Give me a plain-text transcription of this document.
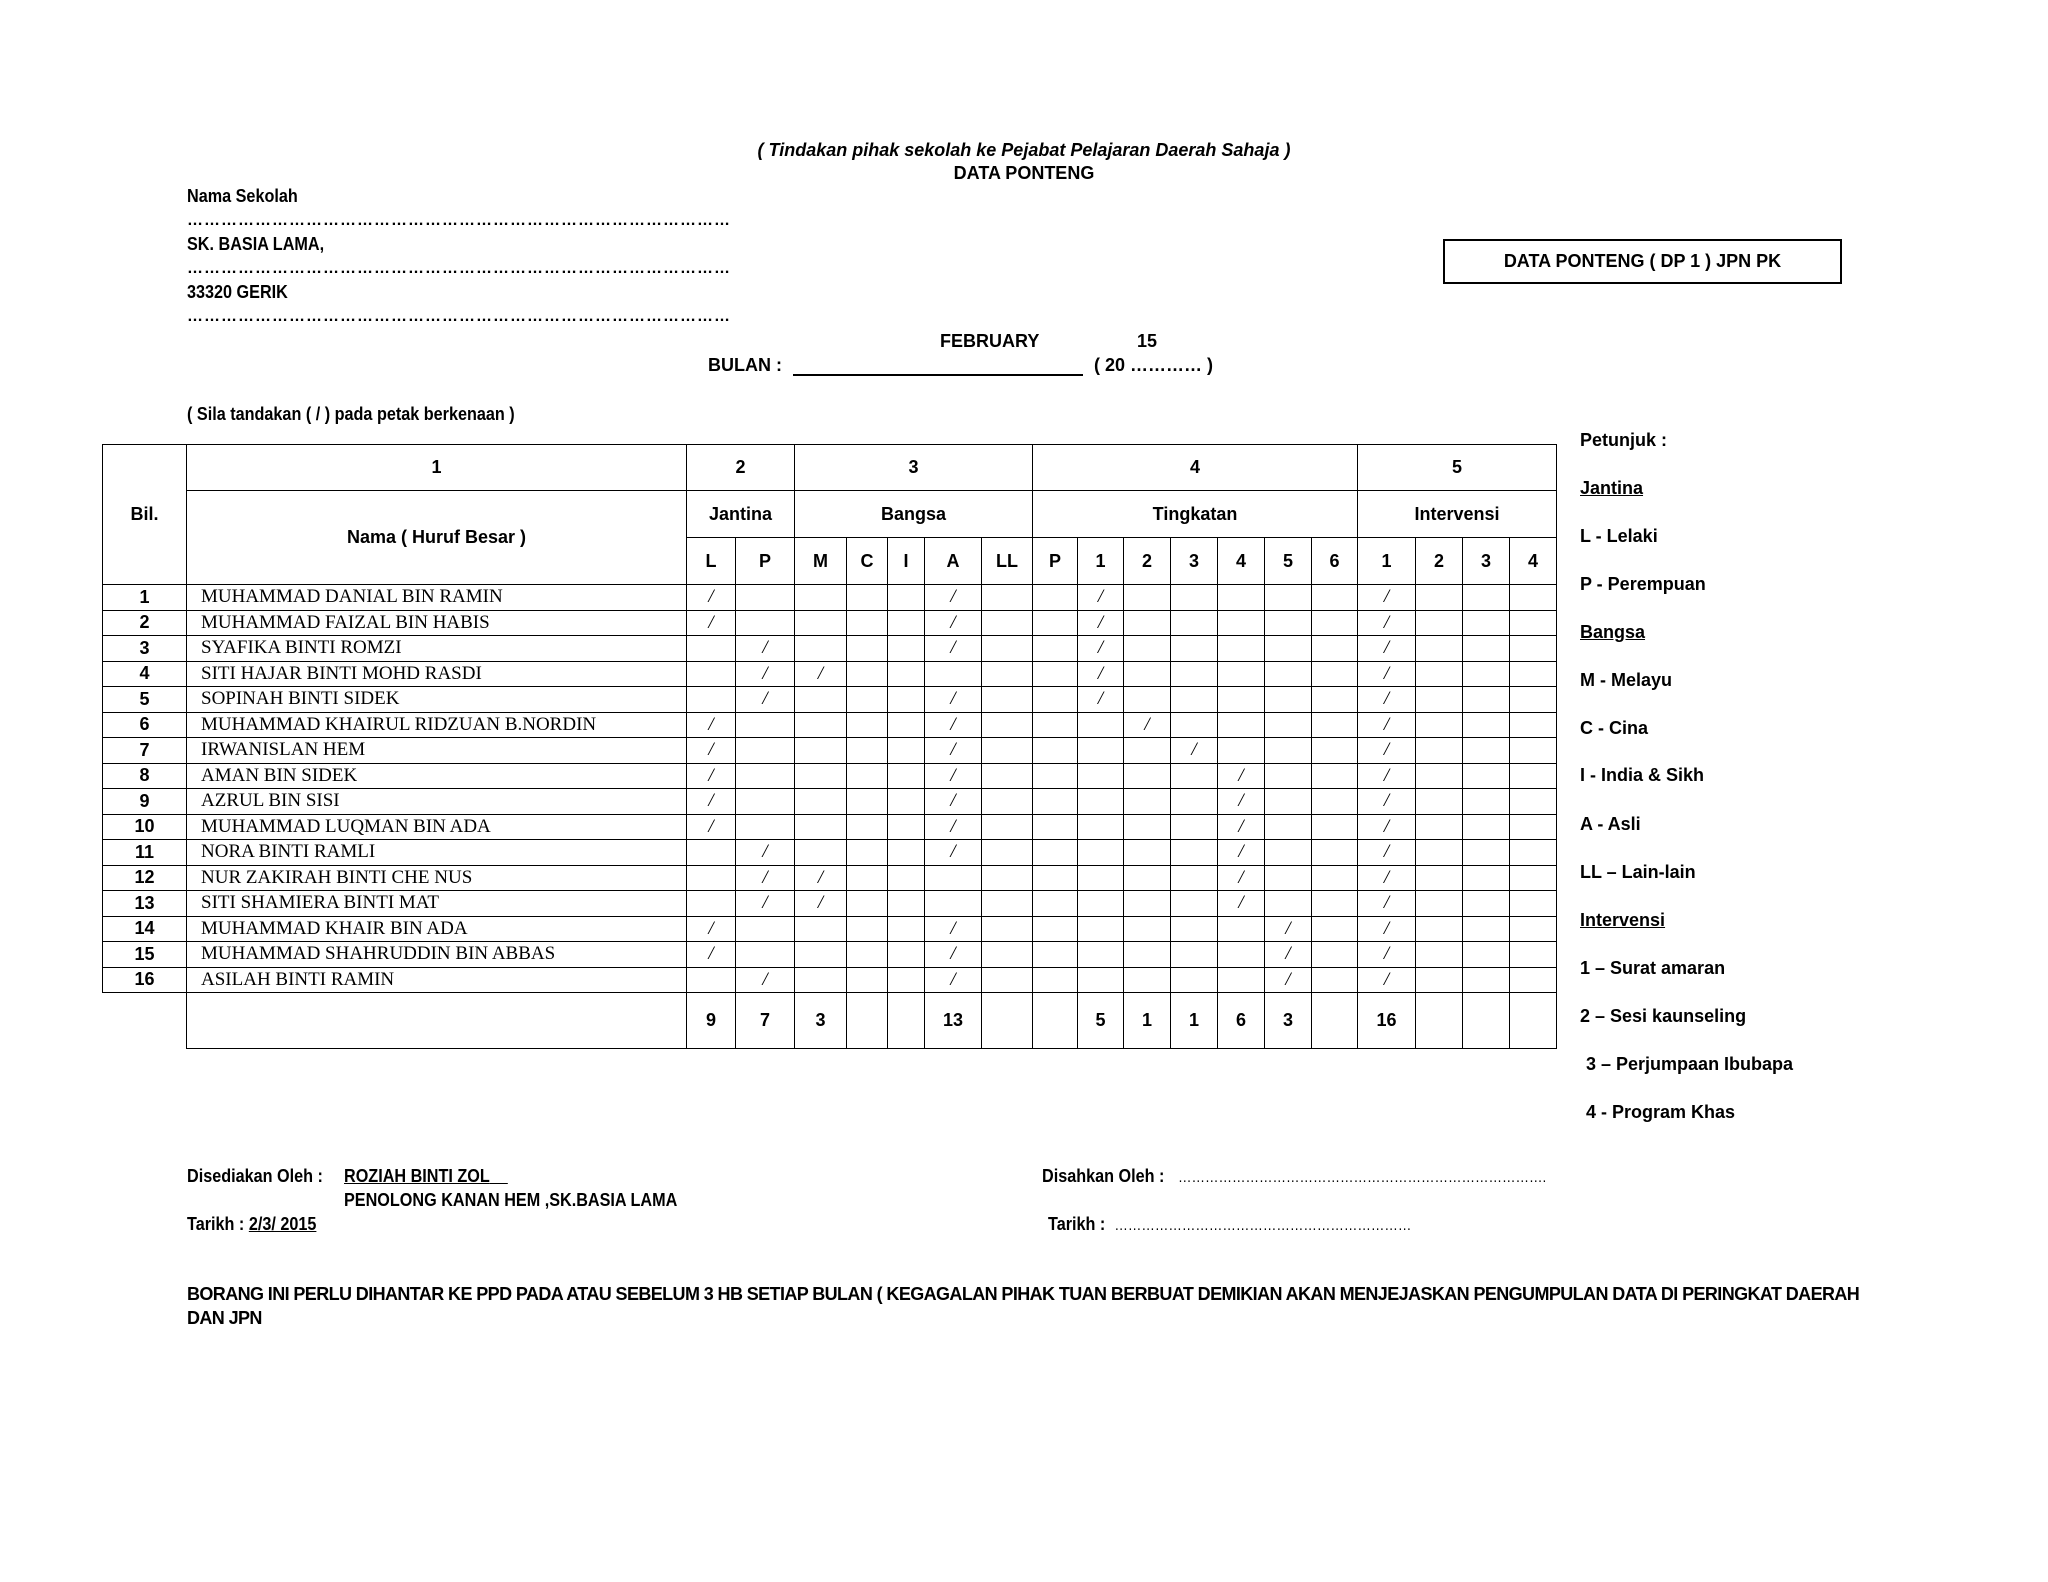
( Tindakan pihak sekolah ke Pejabat Pelajaran Daerah Sahaja )
DATA PONTENG
Nama Sekolah
……………………………………………………………………………………
SK. BASIA LAMA,
……………………………………………………………………………………
33320 GERIK
……………………………………………………………………………………
DATA PONTENG ( DP 1 ) JPN PK
FEBRUARY	15
BULAN :	( 20 ………… )
( Sila tandakan ( / ) pada petak berkenaan )
Bil.	1	2		3					4							5			
	Nama ( Huruf Besar )	Jantina		Bangsa					Tingkatan							Intervensi			
		L	P	M	C	I	A	LL	P	1	2	3	4	5	6	1	2	3	4
1	MUHAMMAD DANIAL BIN RAMIN	/					/			/						/			
2	MUHAMMAD FAIZAL BIN HABIS	/					/			/						/			
3	SYAFIKA BINTI ROMZI		/				/			/						/			
4	SITI HAJAR BINTI MOHD RASDI		/	/						/						/			
5	SOPINAH BINTI SIDEK		/				/			/						/			
6	MUHAMMAD KHAIRUL RIDZUAN B.NORDIN	/					/				/					/			
7	IRWANISLAN HEM	/					/					/				/			
8	AMAN BIN SIDEK	/					/						/			/			
9	AZRUL BIN SISI	/					/						/			/			
10	MUHAMMAD LUQMAN BIN ADA	/					/						/			/			
11	NORA BINTI RAMLI		/				/						/			/			
12	NUR ZAKIRAH BINTI CHE NUS		/	/									/			/			
13	SITI SHAMIERA BINTI MAT		/	/									/			/			
14	MUHAMMAD KHAIR BIN ADA	/					/							/		/			
15	MUHAMMAD SHAHRUDDIN BIN ABBAS	/					/							/		/			
16	ASILAH BINTI RAMIN		/				/							/		/			
		9	7	3			13			5	1	1	6	3		16			
Petunjuk :
Jantina
L - Lelaki
P - Perempuan
Bangsa
M - Melayu
C - Cina
I - India & Sikh
A - Asli
LL – Lain-lain
Intervensi
1 – Surat amaran
2 – Sesi kaunseling
3 – Perjumpaan Ibubapa
4 - Program Khas
Disediakan Oleh : ROZIAH BINTI ZOL
PENOLONG KANAN HEM ,SK.BASIA LAMA
Tarikh : 2/3/ 2015
Disahkan Oleh : ……………………………………………………………………….
Tarikh : …………………………………………………………
BORANG INI PERLU DIHANTAR KE PPD PADA ATAU SEBELUM 3 HB SETIAP BULAN ( KEGAGALAN PIHAK TUAN BERBUAT DEMIKIAN AKAN MENJEJASKAN PENGUMPULAN DATA DI PERINGKAT DAERAH DAN JPN
